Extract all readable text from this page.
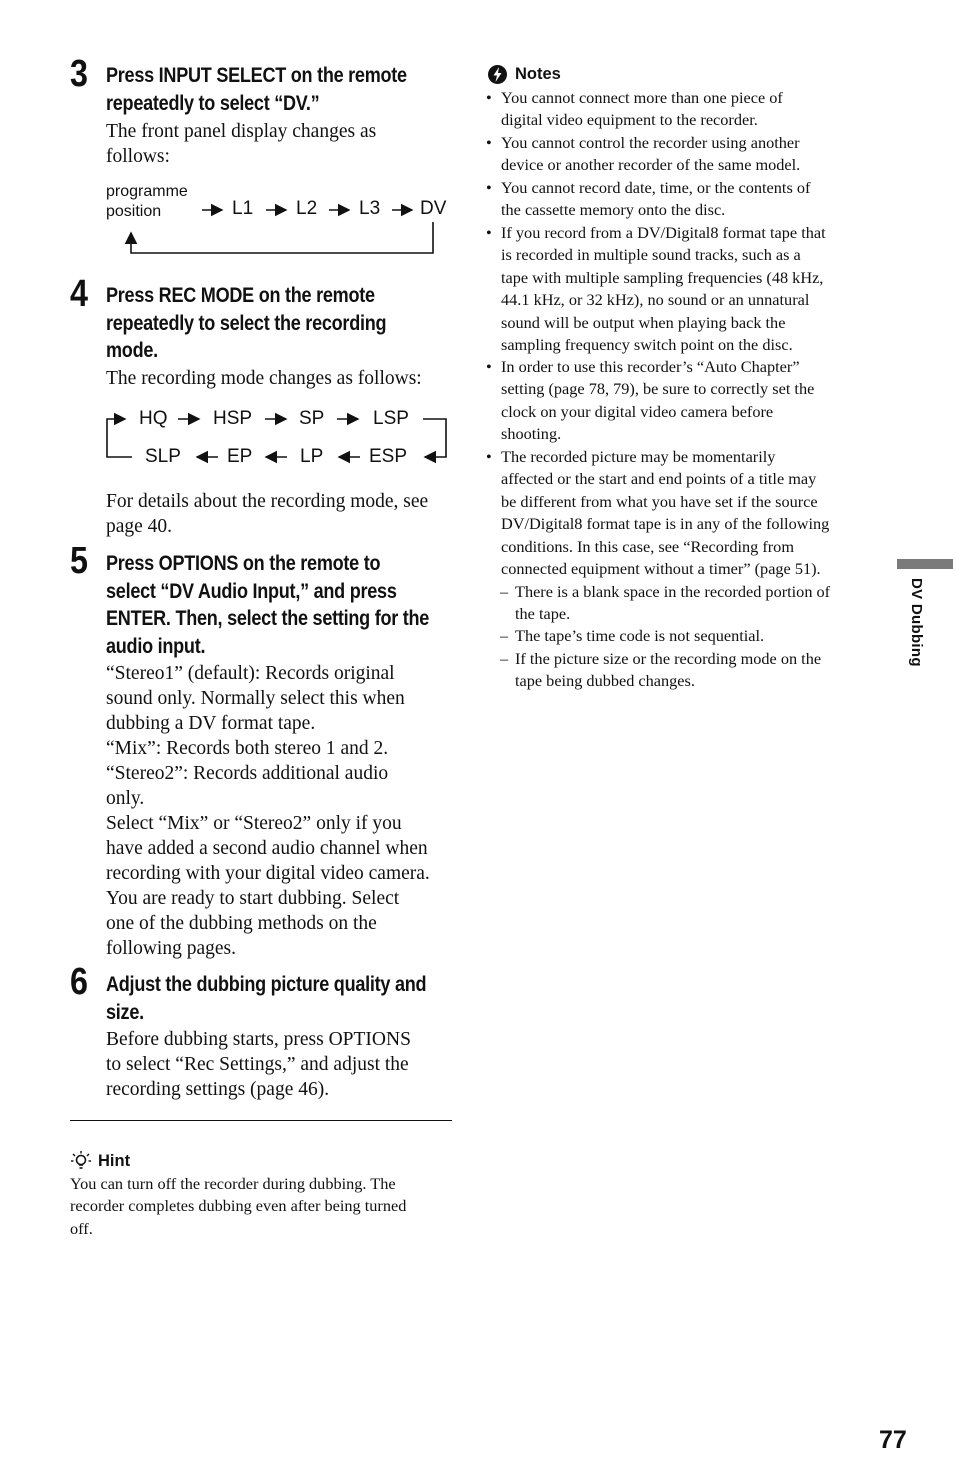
3 Press INPUT SELECT on the remote
repeatedly to select “DV.”
The front panel display changes as
follows:
programme
position	L1 L2 L3 DV
4 Press REC MODE on the remote
repeatedly to select the recording
mode.
The recording mode changes as follows:
HQ HSP SP	LSP
SLP EP	LP ESP
For details about the recording mode, see
page 40.
5 Press OPTIONS on the remote to
select “DV Audio Input,” and press
ENTER. Then, select the setting for the
audio input.
“Stereo1” (default): Records original
sound only. Normally select this when
dubbing a DV format tape.
“Mix”: Records both stereo 1 and 2.
“Stereo2”: Records additional audio
only.
Select “Mix” or “Stereo2” only if you
have added a second audio channel when
recording with your digital video camera.
You are ready to start dubbing. Select
one of the dubbing methods on the
following pages.
6 Adjust the dubbing picture quality and
size.
Before dubbing starts, press OPTIONS
to select “Rec Settings,” and adjust the
recording settings (page 46).
Hint
You can turn off the recorder during dubbing. The
recorder completes dubbing even after being turned
off.
Notes
• You cannot connect more than one piece of
digital video equipment to the recorder.
• You cannot control the recorder using another
device or another recorder of the same model.
• You cannot record date, time, or the contents of
the cassette memory onto the disc.
• If you record from a DV/Digital8 format tape that
is recorded in multiple sound tracks, such as a
tape with multiple sampling frequencies (48 kHz,
44.1 kHz, or 32 kHz), no sound or an unnatural
sound will be output when playing back the
sampling frequency switch point on the disc.
• In order to use this recorder’s “Auto Chapter”
setting (page 78, 79), be sure to correctly set the
clock on your digital video camera before
shooting.
• The recorded picture may be momentarily
affected or the start and end points of a title may
be different from what you have set if the source
DV/Digital8 format tape is in any of the following
conditions. In this case, see “Recording from
connected equipment without a timer” (page 51).
– There is a blank space in the recorded portion of
the tape.
– The tape’s time code is not sequential.
– If the picture size or the recording mode on the
tape being dubbed changes.
DV Dubbing
77
